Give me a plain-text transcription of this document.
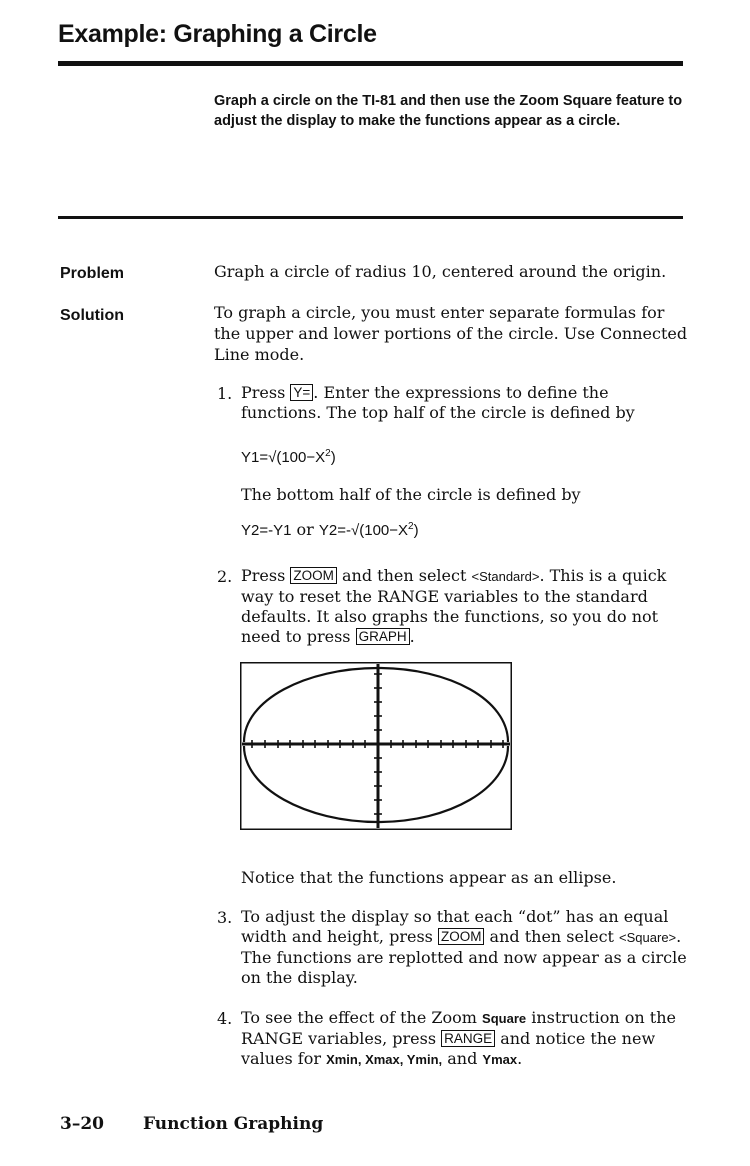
Example: Graphing a Circle

Graph a circle on the TI-81 and then use the Zoom Square feature to adjust the display to make the functions appear as a circle.

Problem	Graph a circle of radius 10, centered around the origin.

Solution	To graph a circle, you must enter separate formulas for the upper and lower portions of the circle. Use Connected Line mode.

1. Press Y= . Enter the expressions to define the functions. The top half of the circle is defined by

$Y1=√(100-X^2)$

The bottom half of the circle is defined by

Y2=-Y1 or $Y2=-√(100-X^2)$
2. Press ZOOM and then select <Standard>. This is a quick way to reset the RANGE variables to the standard defaults. It also graphs the functions, so you do not need to press GRAPH .

Notice that the functions appear as an ellipse.

3. To adjust the display so that each “dot” has an equal width and height, press ZOOM and then select <Square>. The functions are replotted and now appear as a circle on the display.

4. To see the effect of the Zoom Square instruction on the RANGE variables, press RANGE and notice the new values for Xmin, Xmax, Ymin, and Ymax.

3–20 Function Graphing
